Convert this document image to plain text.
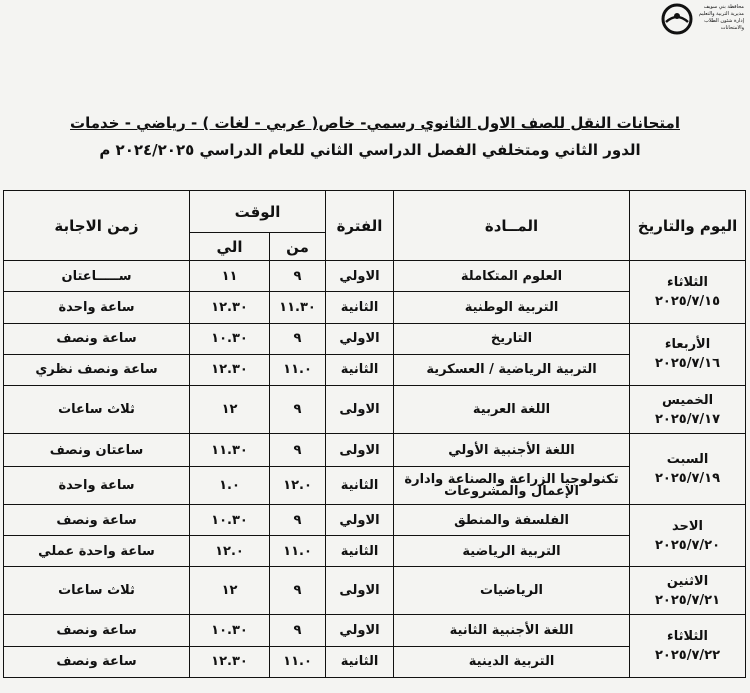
محافظة بني سويف
مديرية التربية والتعليم
إدارة شئون الطلاب والامتحانات
امتحانات النقل للصف الاول الثانوي رسمي- خاص( عربي - لغات ) - رياضي - خدمات
الدور الثاني ومتخلفي الفصل الدراسي الثاني للعام الدراسي ٢٠٢٤/٢٠٢٥ م
اليوم والتاريخ	المــادة	الفترة	الوقت		زمن الاجابة
			من	الي	

الثلاثاء
٢٠٢٥/٧/١٥	العلوم المتكاملة	الاولي	٩	١١	ســـــاعتان
	التربية الوطنية	الثانية	١١.٣٠	١٢.٣٠	ساعة واحدة

الأربعاء
٢٠٢٥/٧/١٦	التاريخ	الاولي	٩	١٠.٣٠	ساعة ونصف
	التربية الرياضية / العسكرية	الثانية	١١.٠	١٢.٣٠	ساعة ونصف نظري

الخميس
٢٠٢٥/٧/١٧	اللغة العربية	الاولى	٩	١٢	ثلاث ساعات

السبت
٢٠٢٥/٧/١٩	اللغة الأجنبية الأولي	الاولى	٩	١١.٣٠	ساعتان ونصف
	تكنولوجيا الزراعة والصناعة وادارة الإعمال والمشروعات	الثانية	١٢.٠	١.٠	ساعة واحدة

الاحد
٢٠٢٥/٧/٢٠	الفلسفة والمنطق	الاولي	٩	١٠.٣٠	ساعة ونصف
	التربية الرياضية	الثانية	١١.٠	١٢.٠	ساعة واحدة عملي

الاثنين
٢٠٢٥/٧/٢١	الرياضيات	الاولى	٩	١٢	ثلاث ساعات

الثلاثاء
٢٠٢٥/٧/٢٢	اللغة الأجنبية الثانية	الاولي	٩	١٠.٣٠	ساعة ونصف
	التربية الدينية	الثانية	١١.٠	١٢.٣٠	ساعة ونصف
